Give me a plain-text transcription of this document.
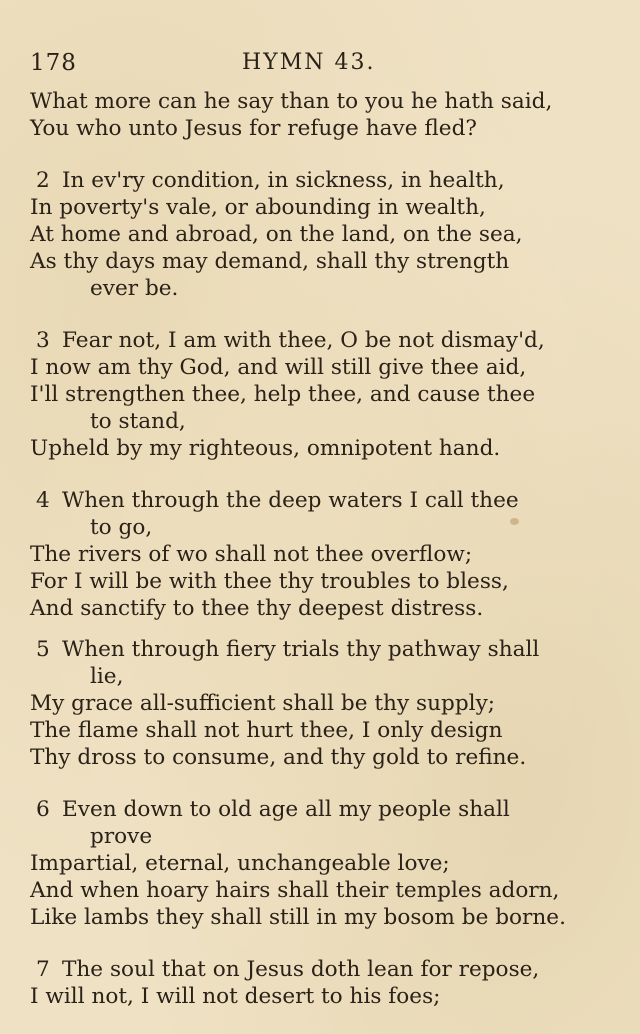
178	HYMN 43.
What more can he say than to you he hath said,
You who unto Jesus for refuge have fled?
2 In ev'ry condition, in sickness, in health,
In poverty's vale, or abounding in wealth,
At home and abroad, on the land, on the sea,
As thy days may demand, shall thy strength
ever be.
3 Fear not, I am with thee, O be not dismay'd,
I now am thy God, and will still give thee aid,
I'll strengthen thee, help thee, and cause thee
to stand,
Upheld by my righteous, omnipotent hand.
4 When through the deep waters I call thee
to go,
The rivers of wo shall not thee overflow;
For I will be with thee thy troubles to bless,
And sanctify to thee thy deepest distress.
5 When through fiery trials thy pathway shall
lie,
My grace all-sufficient shall be thy supply;
The flame shall not hurt thee, I only design
Thy dross to consume, and thy gold to refine.
6 Even down to old age all my people shall
prove
Impartial, eternal, unchangeable love;
And when hoary hairs shall their temples adorn,
Like lambs they shall still in my bosom be borne.
7 The soul that on Jesus doth lean for repose,
I will not, I will not desert to his foes;
